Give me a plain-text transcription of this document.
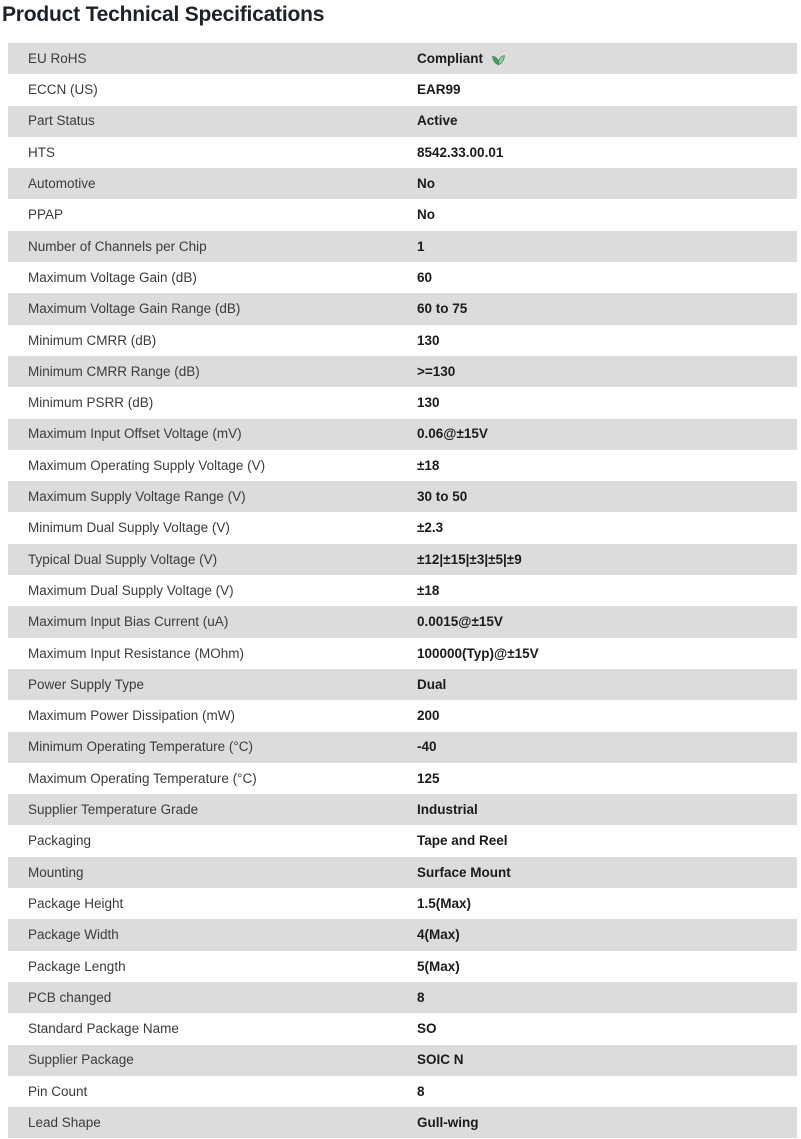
Product Technical Specifications
EU RoHS	Compliant
ECCN (US)	EAR99
Part Status	Active
HTS	8542.33.00.01
Automotive	No
PPAP	No
Number of Channels per Chip	1
Maximum Voltage Gain (dB)	60
Maximum Voltage Gain Range (dB)	60 to 75
Minimum CMRR (dB)	130
Minimum CMRR Range (dB)	>=130
Minimum PSRR (dB)	130
Maximum Input Offset Voltage (mV)	0.06@±15V
Maximum Operating Supply Voltage (V)	±18
Maximum Supply Voltage Range (V)	30 to 50
Minimum Dual Supply Voltage (V)	±2.3
Typical Dual Supply Voltage (V)	±12|±15|±3|±5|±9
Maximum Dual Supply Voltage (V)	±18
Maximum Input Bias Current (uA)	0.0015@±15V
Maximum Input Resistance (MOhm)	100000(Typ)@±15V
Power Supply Type	Dual
Maximum Power Dissipation (mW)	200
Minimum Operating Temperature (°C)	-40
Maximum Operating Temperature (°C)	125
Supplier Temperature Grade	Industrial
Packaging	Tape and Reel
Mounting	Surface Mount
Package Height	1.5(Max)
Package Width	4(Max)
Package Length	5(Max)
PCB changed	8
Standard Package Name	SO
Supplier Package	SOIC N
Pin Count	8
Lead Shape	Gull-wing
